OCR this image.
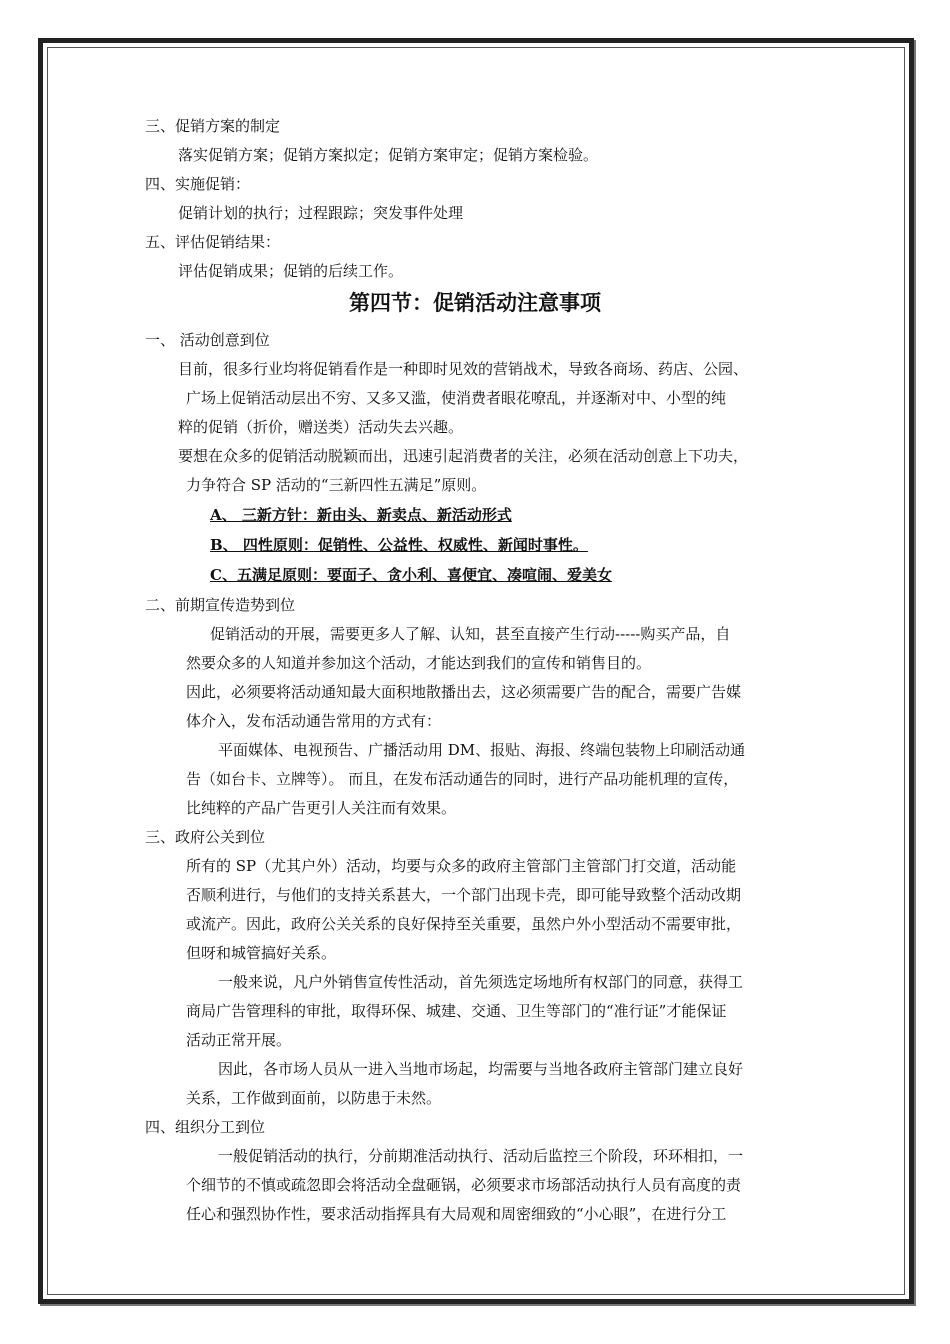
三、促销方案的制定
落实促销方案；促销方案拟定；促销方案审定；促销方案检验。
四、实施促销：
促销计划的执行；过程跟踪；突发事件处理
五、评估促销结果：
评估促销成果；促销的后续工作。
第四节：促销活动注意事项
一、 活动创意到位
目前，很多行业均将促销看作是一种即时见效的营销战术，导致各商场、药店、公园、
广场上促销活动层出不穷、又多又滥，使消费者眼花嘹乱，并逐渐对中、小型的纯
粹的促销（折价，赠送类）活动失去兴趣。
要想在众多的促销活动脱颖而出，迅速引起消费者的关注，必须在活动创意上下功夫，
力争符合 SP 活动的“三新四性五满足”原则。
A、 三新方针：新由头、新卖点、新活动形式
B、 四性原则：促销性、公益性、权威性、新闻时事性。
C、五满足原则：要面子、贪小利、喜便宜、凑喧闹、爱美女
二、前期宣传造势到位
促销活动的开展，需要更多人了解、认知，甚至直接产生行动-----购买产品，自
然要众多的人知道并参加这个活动，才能达到我们的宣传和销售目的。
因此，必须要将活动通知最大面积地散播出去，这必须需要广告的配合，需要广告媒
体介入，发布活动通告常用的方式有：
平面媒体、电视预告、广播活动用 DM、报贴、海报、终端包装物上印刷活动通
告（如台卡、立牌等）。 而且，在发布活动通告的同时，进行产品功能机理的宣传，
比纯粹的产品广告更引人关注而有效果。
三、政府公关到位
所有的 SP（尤其户外）活动，均要与众多的政府主管部门主管部门打交道，活动能
否顺利进行，与他们的支持关系甚大，一个部门出现卡壳，即可能导致整个活动改期
或流产。因此，政府公关关系的良好保持至关重要，虽然户外小型活动不需要审批，
但呀和城管搞好关系。
一般来说，凡户外销售宣传性活动，首先须选定场地所有权部门的同意，获得工
商局广告管理科的审批，取得环保、城建、交通、卫生等部门的“准行证”才能保证
活动正常开展。
因此，各市场人员从一进入当地市场起，均需要与当地各政府主管部门建立良好
关系，工作做到面前，以防患于未然。
四、组织分工到位
一般促销活动的执行，分前期准活动执行、活动后监控三个阶段，环环相扣，一
个细节的不慎或疏忽即会将活动全盘砸锅，必须要求市场部活动执行人员有高度的责
任心和强烈协作性，要求活动指挥具有大局观和周密细致的“小心眼”，在进行分工
